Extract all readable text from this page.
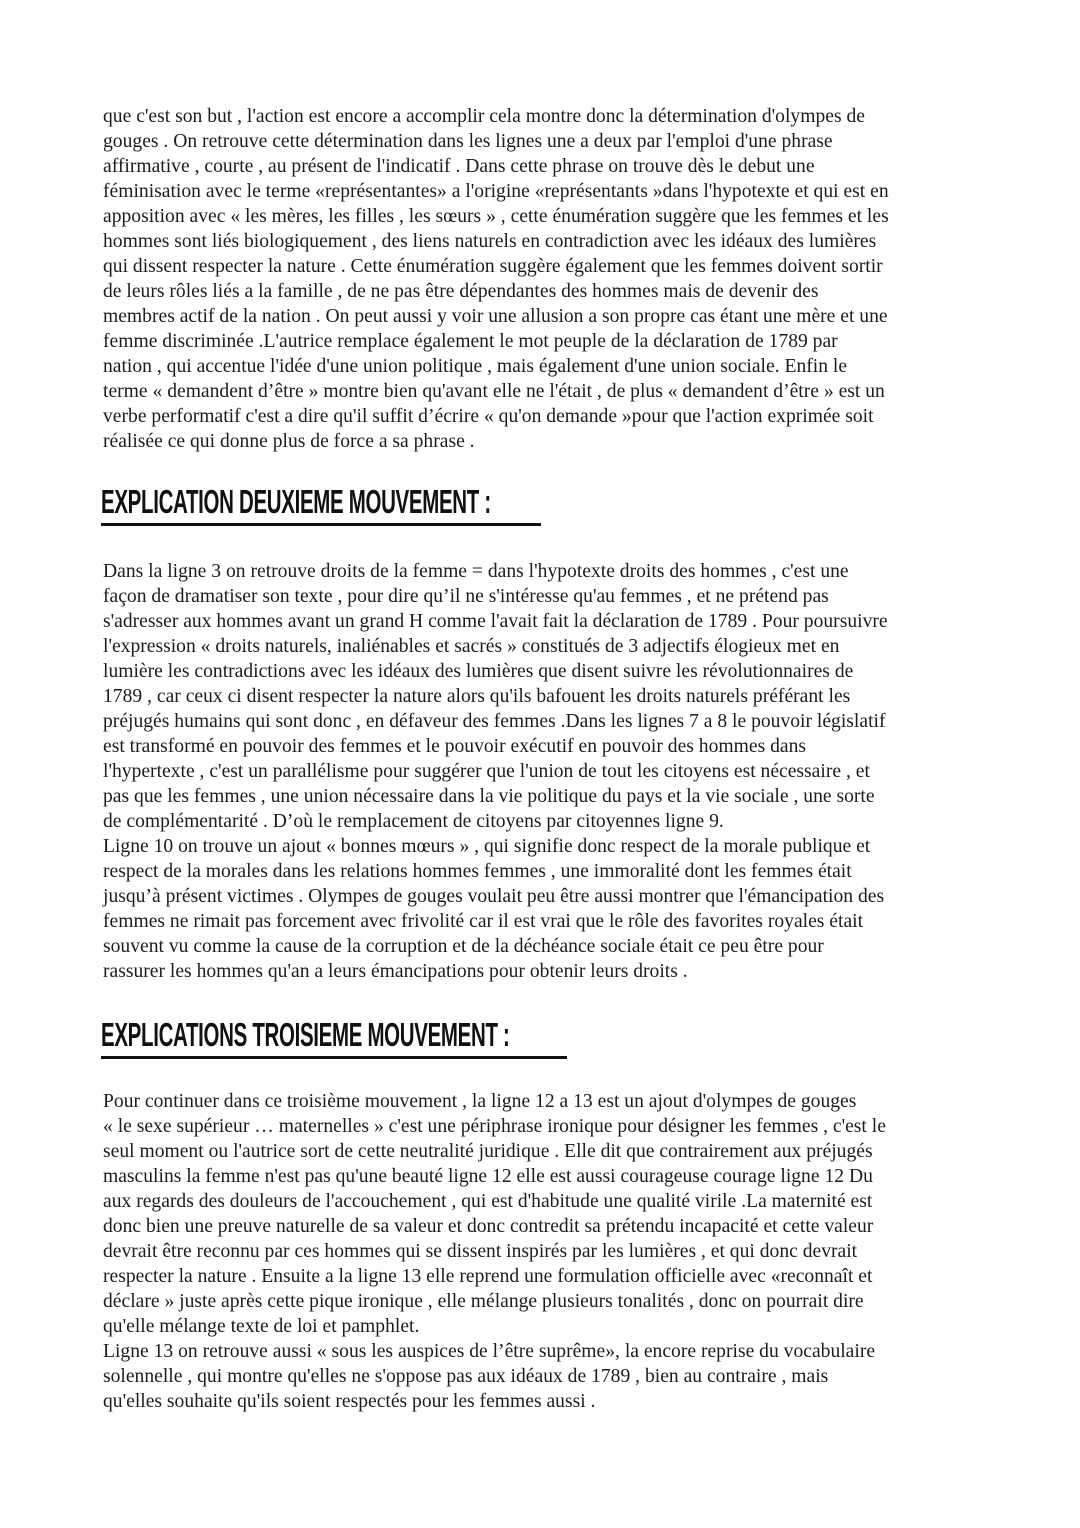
que c'est son but , l'action est encore a accomplir cela montre donc la détermination d'olympes de
gouges . On retrouve cette détermination dans les lignes une a deux par l'emploi d'une phrase
affirmative , courte , au présent de l'indicatif . Dans cette phrase on trouve dès le debut une
féminisation avec le terme «représentantes» a l'origine «représentants »dans l'hypotexte et qui est en
apposition avec « les mères, les filles , les sœurs » , cette énumération suggère que les femmes et les
hommes sont liés biologiquement , des liens naturels en contradiction avec les idéaux des lumières
qui dissent respecter la nature . Cette énumération suggère également que les femmes doivent sortir
de leurs rôles liés a la famille , de ne pas être dépendantes des hommes mais de devenir des
membres actif de la nation . On peut aussi y voir une allusion a son propre cas étant une mère et une
femme discriminée .L'autrice remplace également le mot peuple de la déclaration de 1789 par
nation , qui accentue l'idée d'une union politique , mais également d'une union sociale. Enfin le
terme « demandent d’être » montre bien qu'avant elle ne l'était , de plus « demandent d’être » est un
verbe performatif c'est a dire qu'il suffit d’écrire « qu'on demande »pour que l'action exprimée soit
réalisée ce qui donne plus de force a sa phrase .
EXPLICATION DEUXIEME MOUVEMENT :
Dans la ligne 3 on retrouve droits de la femme = dans l'hypotexte droits des hommes , c'est une
façon de dramatiser son texte , pour dire qu’il ne s'intéresse qu'au femmes , et ne prétend pas
s'adresser aux hommes avant un grand H comme l'avait fait la déclaration de 1789 . Pour poursuivre
l'expression « droits naturels, inaliénables et sacrés » constitués de 3 adjectifs élogieux met en
lumière les contradictions avec les idéaux des lumières que disent suivre les révolutionnaires de
1789 , car ceux ci disent respecter la nature alors qu'ils bafouent les droits naturels préférant les
préjugés humains qui sont donc , en défaveur des femmes .Dans les lignes 7 a 8 le pouvoir législatif
est transformé en pouvoir des femmes et le pouvoir exécutif en pouvoir des hommes dans
l'hypertexte , c'est un parallélisme pour suggérer que l'union de tout les citoyens est nécessaire , et
pas que les femmes , une union nécessaire dans la vie politique du pays et la vie sociale , une sorte
de complémentarité . D’où le remplacement de citoyens par citoyennes ligne 9.
Ligne 10 on trouve un ajout « bonnes mœurs » , qui signifie donc respect de la morale publique et
respect de la morales dans les relations hommes femmes , une immoralité dont les femmes était
jusqu’à présent victimes . Olympes de gouges voulait peu être aussi montrer que l'émancipation des
femmes ne rimait pas forcement avec frivolité car il est vrai que le rôle des favorites royales était
souvent vu comme la cause de la corruption et de la déchéance sociale était ce peu être pour
rassurer les hommes qu'an a leurs émancipations pour obtenir leurs droits .
EXPLICATIONS TROISIEME MOUVEMENT :
Pour continuer dans ce troisième mouvement , la ligne 12 a 13 est un ajout d'olympes de gouges
« le sexe supérieur … maternelles » c'est une périphrase ironique pour désigner les femmes , c'est le
seul moment ou l'autrice sort de cette neutralité juridique . Elle dit que contrairement aux préjugés
masculins la femme n'est pas qu'une beauté ligne 12 elle est aussi courageuse courage ligne 12 Du
aux regards des douleurs de l'accouchement , qui est d'habitude une qualité virile .La maternité est
donc bien une preuve naturelle de sa valeur et donc contredit sa prétendu incapacité et cette valeur
devrait être reconnu par ces hommes qui se dissent inspirés par les lumières , et qui donc devrait
respecter la nature . Ensuite a la ligne 13 elle reprend une formulation officielle avec «reconnaît et
déclare » juste après cette pique ironique , elle mélange plusieurs tonalités , donc on pourrait dire
qu'elle mélange texte de loi et pamphlet.
Ligne 13 on retrouve aussi « sous les auspices de l’être suprême», la encore reprise du vocabulaire
solennelle , qui montre qu'elles ne s'oppose pas aux idéaux de 1789 , bien au contraire , mais
qu'elles souhaite qu'ils soient respectés pour les femmes aussi .
